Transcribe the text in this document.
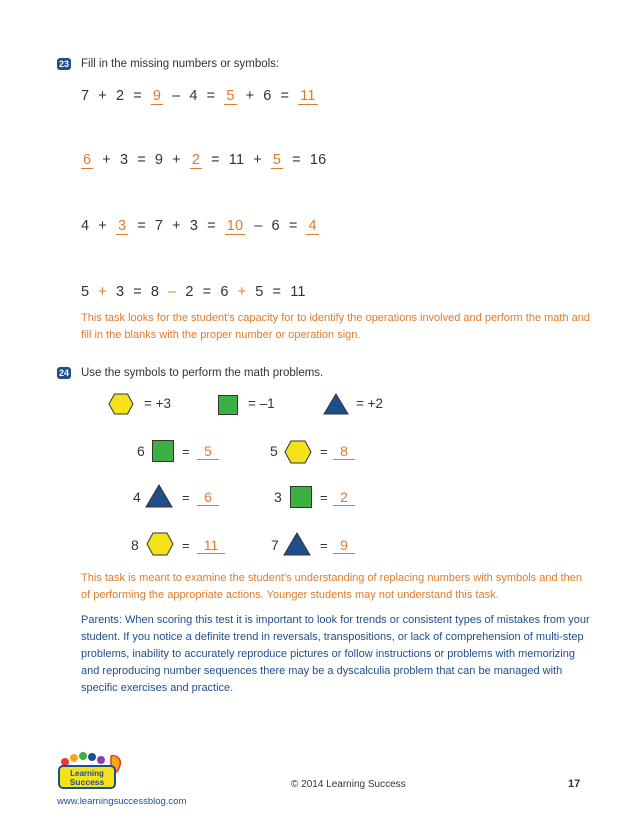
23 Fill in the missing numbers or symbols:
7 + 2 = 9 – 4 = 5 + 6 = 11
6 + 3 = 9 + 2 = 11 + 5 = 16
4 + 3 = 7 + 3 = 10 – 6 = 4
5 + 3 = 8 – 2 = 6 + 5 = 11
This task looks for the student's capacity for to identify the operations involved and perform the math and fill in the blanks with the proper number or operation sign.
24 Use the symbols to perform the math problems.
= +3	= –1	= +2
6	=	5	5	= 8
4	=	6	3	= 2
8	=	11	7	= 9
This task is meant to examine the student's understanding of replacing numbers with symbols and then of performing the appropriate actions. Younger students may not understand this task.
Parents: When scoring this test it is important to look for trends or consistent types of mistakes from your student. If you notice a definite trend in reversals, transpositions, or lack of comprehension of multi-step problems, inability to accurately reproduce pictures or follow instructions or problems with memorizing and reproducing number sequences there may be a dyscalculia problem that can be managed with specific exercises and practice.
Learning
Success	© 2014 Learning Success	17
www.learningsuccessblog.com
